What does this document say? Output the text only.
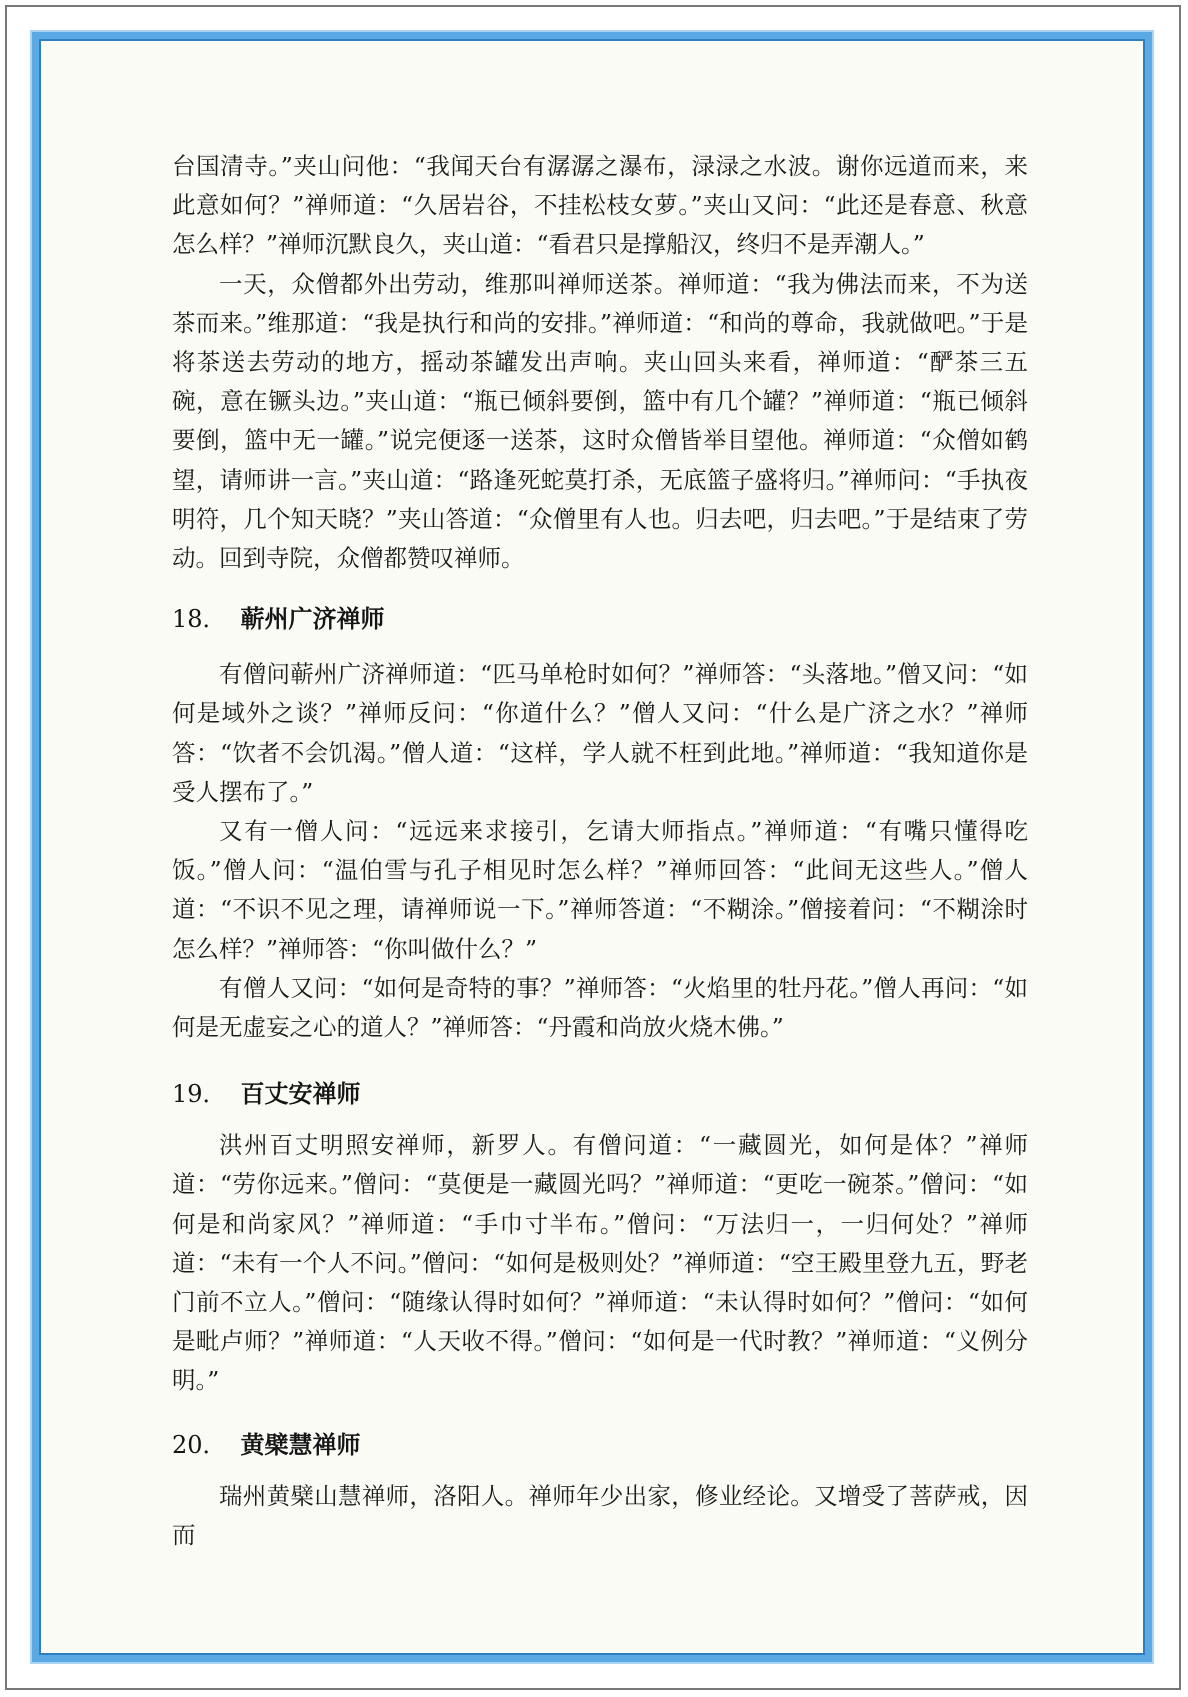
台国清寺。”夹山问他：“我闻天台有潺潺之瀑布，渌渌之水波。谢你远道而来，来此意如何？”禅师道：“久居岩谷，不挂松枝女萝。”夹山又问：“此还是春意、秋意怎么样？”禅师沉默良久，夹山道：“看君只是撑船汉，终归不是弄潮人。”

一天，众僧都外出劳动，维那叫禅师送茶。禅师道：“我为佛法而来，不为送茶而来。”维那道：“我是执行和尚的安排。”禅师道：“和尚的尊命，我就做吧。”于是将茶送去劳动的地方，摇动茶罐发出声响。夹山回头来看，禅师道：“酽茶三五碗，意在镢头边。”夹山道：“瓶已倾斜要倒，篮中有几个罐？”禅师道：“瓶已倾斜要倒，篮中无一罐。”说完便逐一送茶，这时众僧皆举目望他。禅师道：“众僧如鹤望，请师讲一言。”夹山道：“路逢死蛇莫打杀，无底篮子盛将归。”禅师问：“手执夜明符，几个知天晓？”夹山答道：“众僧里有人也。归去吧，归去吧。”于是结束了劳动。回到寺院，众僧都赞叹禅师。

18． 蕲州广济禅师

有僧问蕲州广济禅师道：“匹马单枪时如何？”禅师答：“头落地。”僧又问：“如何是域外之谈？”禅师反问：“你道什么？”僧人又问：“什么是广济之水？”禅师答：“饮者不会饥渴。”僧人道：“这样，学人就不枉到此地。”禅师道：“我知道你是受人摆布了。”

又有一僧人问：“远远来求接引，乞请大师指点。”禅师道：“有嘴只懂得吃饭。”僧人问：“温伯雪与孔子相见时怎么样？”禅师回答：“此间无这些人。”僧人道：“不识不见之理，请禅师说一下。”禅师答道：“不糊涂。”僧接着问：“不糊涂时怎么样？”禅师答：“你叫做什么？”

有僧人又问：“如何是奇特的事？”禅师答：“火焰里的牡丹花。”僧人再问：“如何是无虚妄之心的道人？”禅师答：“丹霞和尚放火烧木佛。”

19． 百丈安禅师

洪州百丈明照安禅师，新罗人。有僧问道：“一藏圆光，如何是体？”禅师道：“劳你远来。”僧问：“莫便是一藏圆光吗？”禅师道：“更吃一碗茶。”僧问：“如何是和尚家风？”禅师道：“手巾寸半布。”僧问：“万法归一，一归何处？”禅师道：“未有一个人不问。”僧问：“如何是极则处？”禅师道：“空王殿里登九五，野老门前不立人。”僧问：“随缘认得时如何？”禅师道：“未认得时如何？”僧问：“如何是毗卢师？”禅师道：“人天收不得。”僧问：“如何是一代时教？”禅师道：“义例分明。”

20． 黄檗慧禅师

瑞州黄檗山慧禅师，洛阳人。禅师年少出家，修业经论。又增受了菩萨戒，因而
